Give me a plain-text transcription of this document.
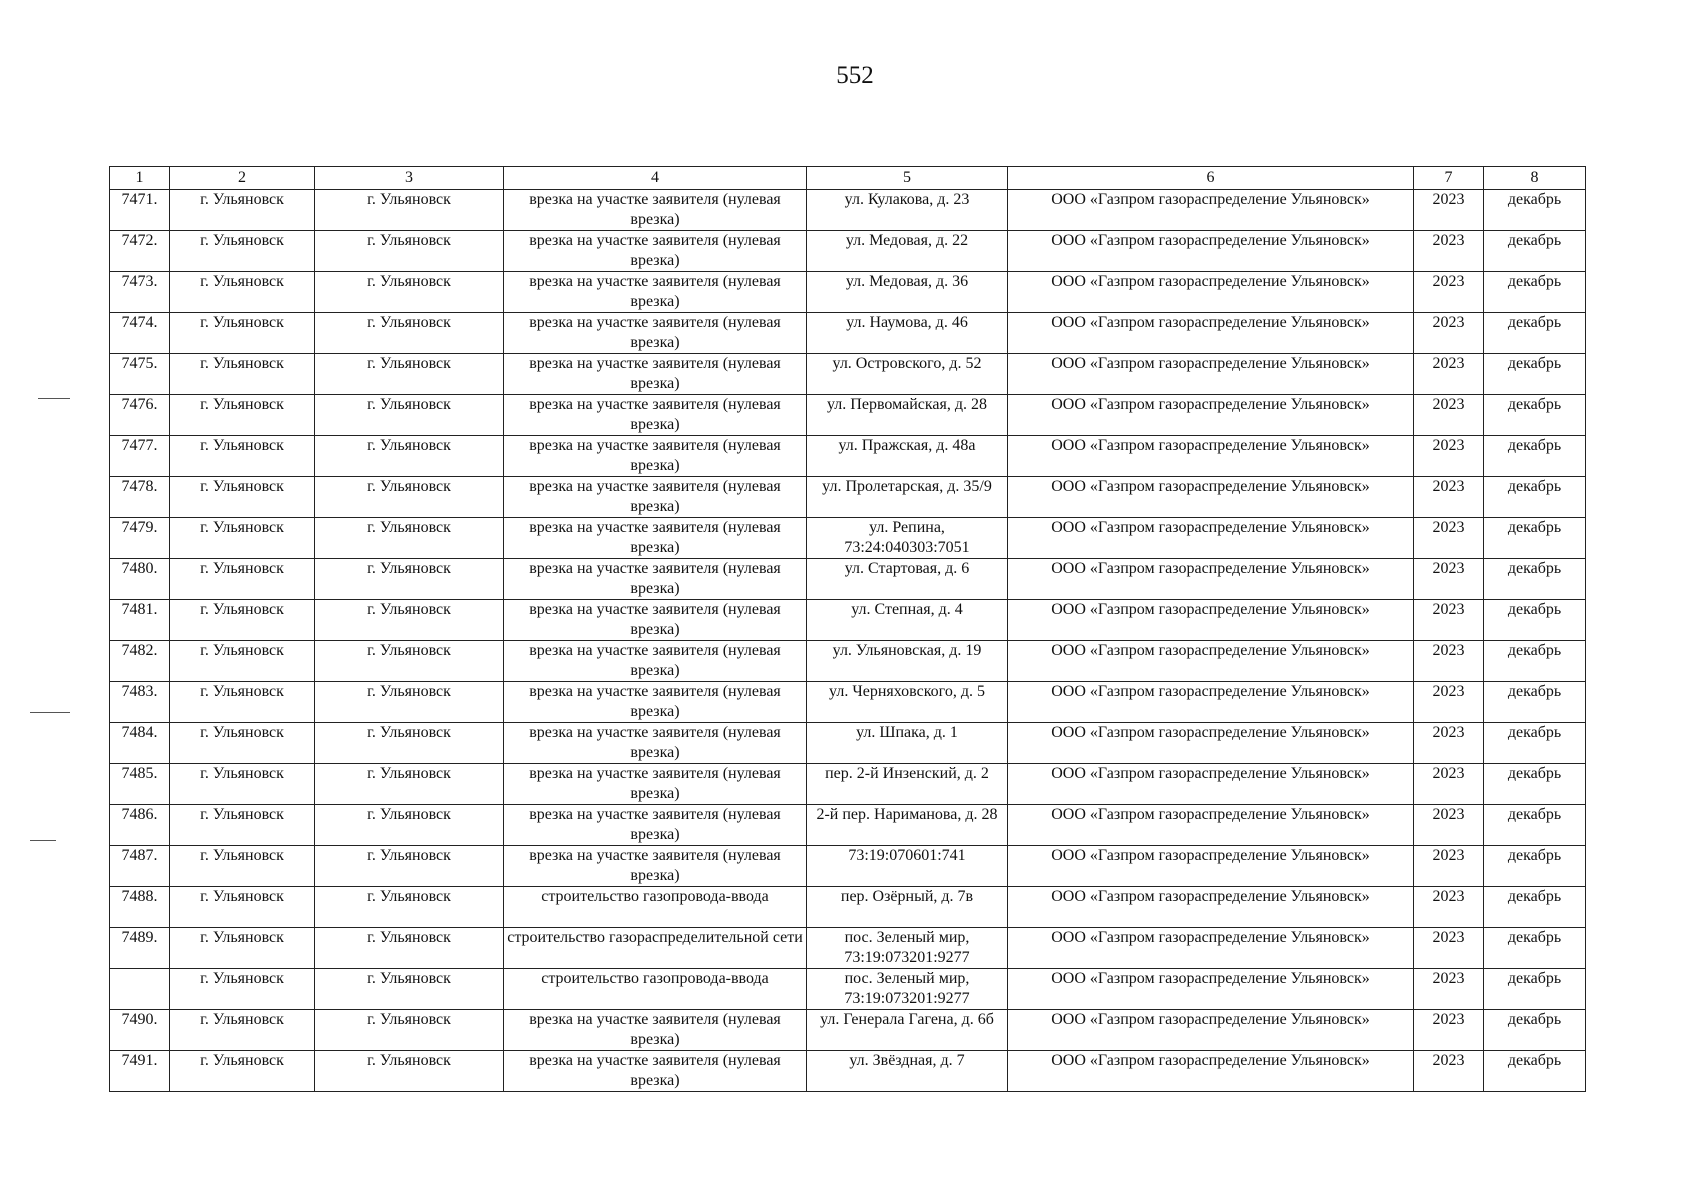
552
1	2	3	4	5	6	7	8
7471.	г. Ульяновск	г. Ульяновск	врезка на участке заявителя (нулевая врезка)	ул. Кулакова, д. 23	ООО «Газпром газораспределение Ульяновск»	2023	декабрь
7472.	г. Ульяновск	г. Ульяновск	врезка на участке заявителя (нулевая врезка)	ул. Медовая, д. 22	ООО «Газпром газораспределение Ульяновск»	2023	декабрь
7473.	г. Ульяновск	г. Ульяновск	врезка на участке заявителя (нулевая врезка)	ул. Медовая, д. 36	ООО «Газпром газораспределение Ульяновск»	2023	декабрь
7474.	г. Ульяновск	г. Ульяновск	врезка на участке заявителя (нулевая врезка)	ул. Наумова, д. 46	ООО «Газпром газораспределение Ульяновск»	2023	декабрь
7475.	г. Ульяновск	г. Ульяновск	врезка на участке заявителя (нулевая врезка)	ул. Островского, д. 52	ООО «Газпром газораспределение Ульяновск»	2023	декабрь
7476.	г. Ульяновск	г. Ульяновск	врезка на участке заявителя (нулевая врезка)	ул. Первомайская, д. 28	ООО «Газпром газораспределение Ульяновск»	2023	декабрь
7477.	г. Ульяновск	г. Ульяновск	врезка на участке заявителя (нулевая врезка)	ул. Пражская, д. 48а	ООО «Газпром газораспределение Ульяновск»	2023	декабрь
7478.	г. Ульяновск	г. Ульяновск	врезка на участке заявителя (нулевая врезка)	ул. Пролетарская, д. 35/9	ООО «Газпром газораспределение Ульяновск»	2023	декабрь
7479.	г. Ульяновск	г. Ульяновск	врезка на участке заявителя (нулевая врезка)	ул. Репина, 73:24:040303:7051	ООО «Газпром газораспределение Ульяновск»	2023	декабрь
7480.	г. Ульяновск	г. Ульяновск	врезка на участке заявителя (нулевая врезка)	ул. Стартовая, д. 6	ООО «Газпром газораспределение Ульяновск»	2023	декабрь
7481.	г. Ульяновск	г. Ульяновск	врезка на участке заявителя (нулевая врезка)	ул. Степная, д. 4	ООО «Газпром газораспределение Ульяновск»	2023	декабрь
7482.	г. Ульяновск	г. Ульяновск	врезка на участке заявителя (нулевая врезка)	ул. Ульяновская, д. 19	ООО «Газпром газораспределение Ульяновск»	2023	декабрь
7483.	г. Ульяновск	г. Ульяновск	врезка на участке заявителя (нулевая врезка)	ул. Черняховского, д. 5	ООО «Газпром газораспределение Ульяновск»	2023	декабрь
7484.	г. Ульяновск	г. Ульяновск	врезка на участке заявителя (нулевая врезка)	ул. Шпака, д. 1	ООО «Газпром газораспределение Ульяновск»	2023	декабрь
7485.	г. Ульяновск	г. Ульяновск	врезка на участке заявителя (нулевая врезка)	пер. 2-й Инзенский, д. 2	ООО «Газпром газораспределение Ульяновск»	2023	декабрь
7486.	г. Ульяновск	г. Ульяновск	врезка на участке заявителя (нулевая врезка)	2-й пер. Нариманова, д. 28	ООО «Газпром газораспределение Ульяновск»	2023	декабрь
7487.	г. Ульяновск	г. Ульяновск	врезка на участке заявителя (нулевая врезка)	73:19:070601:741	ООО «Газпром газораспределение Ульяновск»	2023	декабрь
7488.	г. Ульяновск	г. Ульяновск	строительство газопровода-ввода	пер. Озёрный, д. 7в	ООО «Газпром газораспределение Ульяновск»	2023	декабрь
7489.	г. Ульяновск	г. Ульяновск	строительство газораспределительной сети	пос. Зеленый мир, 73:19:073201:9277	ООО «Газпром газораспределение Ульяновск»	2023	декабрь
	г. Ульяновск	г. Ульяновск	строительство газопровода-ввода	пос. Зеленый мир, 73:19:073201:9277	ООО «Газпром газораспределение Ульяновск»	2023	декабрь
7490.	г. Ульяновск	г. Ульяновск	врезка на участке заявителя (нулевая врезка)	ул. Генерала Гагена, д. 6б	ООО «Газпром газораспределение Ульяновск»	2023	декабрь
7491.	г. Ульяновск	г. Ульяновск	врезка на участке заявителя (нулевая врезка)	ул. Звёздная, д. 7	ООО «Газпром газораспределение Ульяновск»	2023	декабрь
